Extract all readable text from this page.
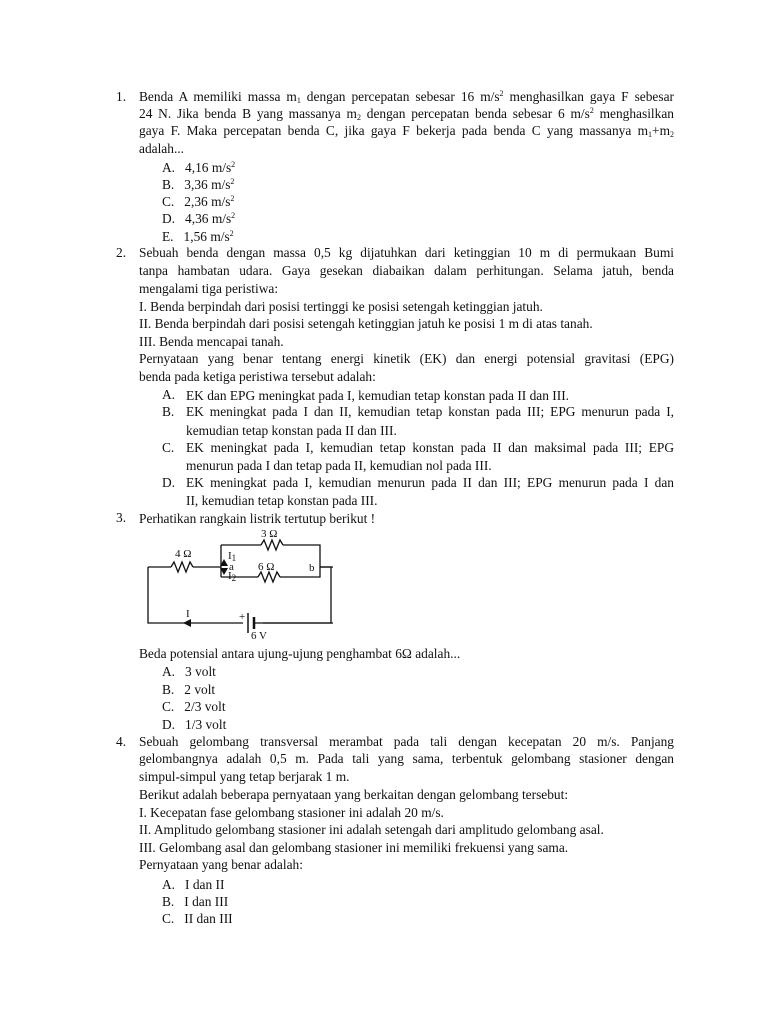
1. Benda A memiliki massa $m_1$ dengan percepatan sebesar 16 $m/s^2$ menghasilkan gaya F sebesar
24 N. Jika benda B yang massanya $m_2$ dengan percepatan benda sebesar 6 $m/s^2$ menghasilkan
gaya F. Maka percepatan benda C, jika gaya F bekerja pada benda C yang massanya $m_1+m_2$
adalah...
A. 4,16 $m/s^2$
B. 3,36 $m/s^2$
C. 2,36 $m/s^2$
D. 4,36 $m/s^2$
E. 1,56 $m/s^2$
2. Sebuah benda dengan massa 0,5 kg dijatuhkan dari ketinggian 10 m di permukaan Bumi
tanpa hambatan udara. Gaya gesekan diabaikan dalam perhitungan. Selama jatuh, benda
mengalami tiga peristiwa:
I. Benda berpindah dari posisi tertinggi ke posisi setengah ketinggian jatuh.
II. Benda berpindah dari posisi setengah ketinggian jatuh ke posisi 1 m di atas tanah.
III. Benda mencapai tanah.
Pernyataan yang benar tentang energi kinetik (EK) dan energi potensial gravitasi (EPG)
benda pada ketiga peristiwa tersebut adalah:
A. EK dan EPG meningkat pada I, kemudian tetap konstan pada II dan III.
B. EK meningkat pada I dan II, kemudian tetap konstan pada III; EPG menurun pada I,
kemudian tetap konstan pada II dan III.
C. EK meningkat pada I, kemudian tetap konstan pada II dan maksimal pada III; EPG
menurun pada I dan tetap pada II, kemudian nol pada III.
D. EK meningkat pada I, kemudian menurun pada II dan III; EPG menurun pada I dan
II, kemudian tetap konstan pada III.
3. Perhatikan rangkain listrik tertutup berikut !
4 Ω
3 Ω
6 Ω
I1
a
I2
b
I	+
6 V
Beda potensial antara ujung-ujung penghambat 6Ω adalah...
A. 3 volt
B. 2 volt
C. 2/3 volt
D. 1/3 volt
4. Sebuah gelombang transversal merambat pada tali dengan kecepatan 20 m/s. Panjang
gelombangnya adalah 0,5 m. Pada tali yang sama, terbentuk gelombang stasioner dengan
simpul-simpul yang tetap berjarak 1 m.
Berikut adalah beberapa pernyataan yang berkaitan dengan gelombang tersebut:
I. Kecepatan fase gelombang stasioner ini adalah 20 m/s.
II. Amplitudo gelombang stasioner ini adalah setengah dari amplitudo gelombang asal.
III. Gelombang asal dan gelombang stasioner ini memiliki frekuensi yang sama.
Pernyataan yang benar adalah:
A. I dan II
B. I dan III
C. II dan III
